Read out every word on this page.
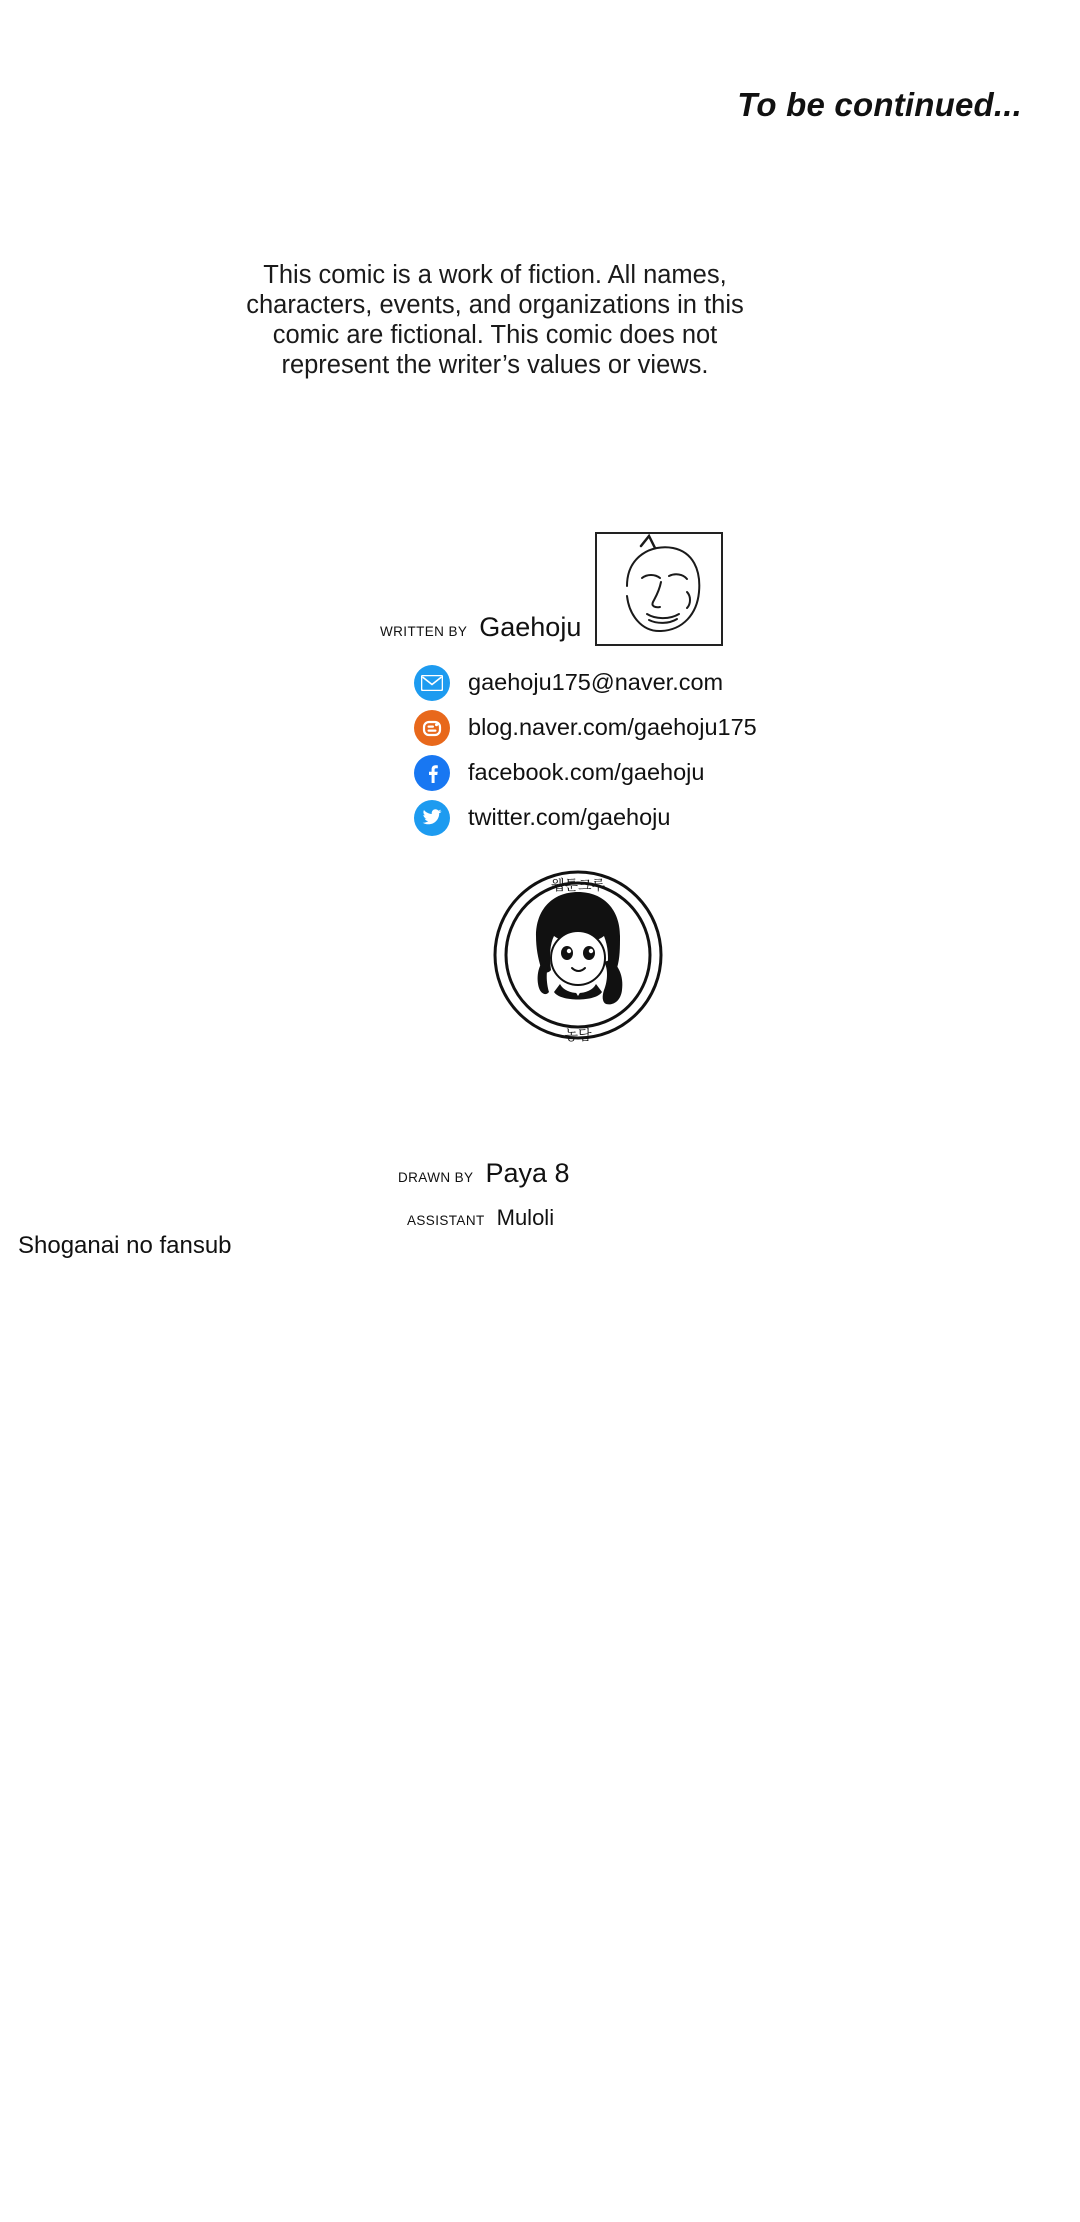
To be continued...
This comic is a work of fiction. All names, characters, events, and organizations in this comic are fictional. This comic does not represent the writer’s values or views.
WRITTEN BY Gaehoju
gaehoju175@naver.com
blog.naver.com/gaehoju175
facebook.com/gaehoju
twitter.com/gaehoju
웹툰크루
농담
DRAWN BY Paya 8
ASSISTANT Muloli
Shoganai no fansub
